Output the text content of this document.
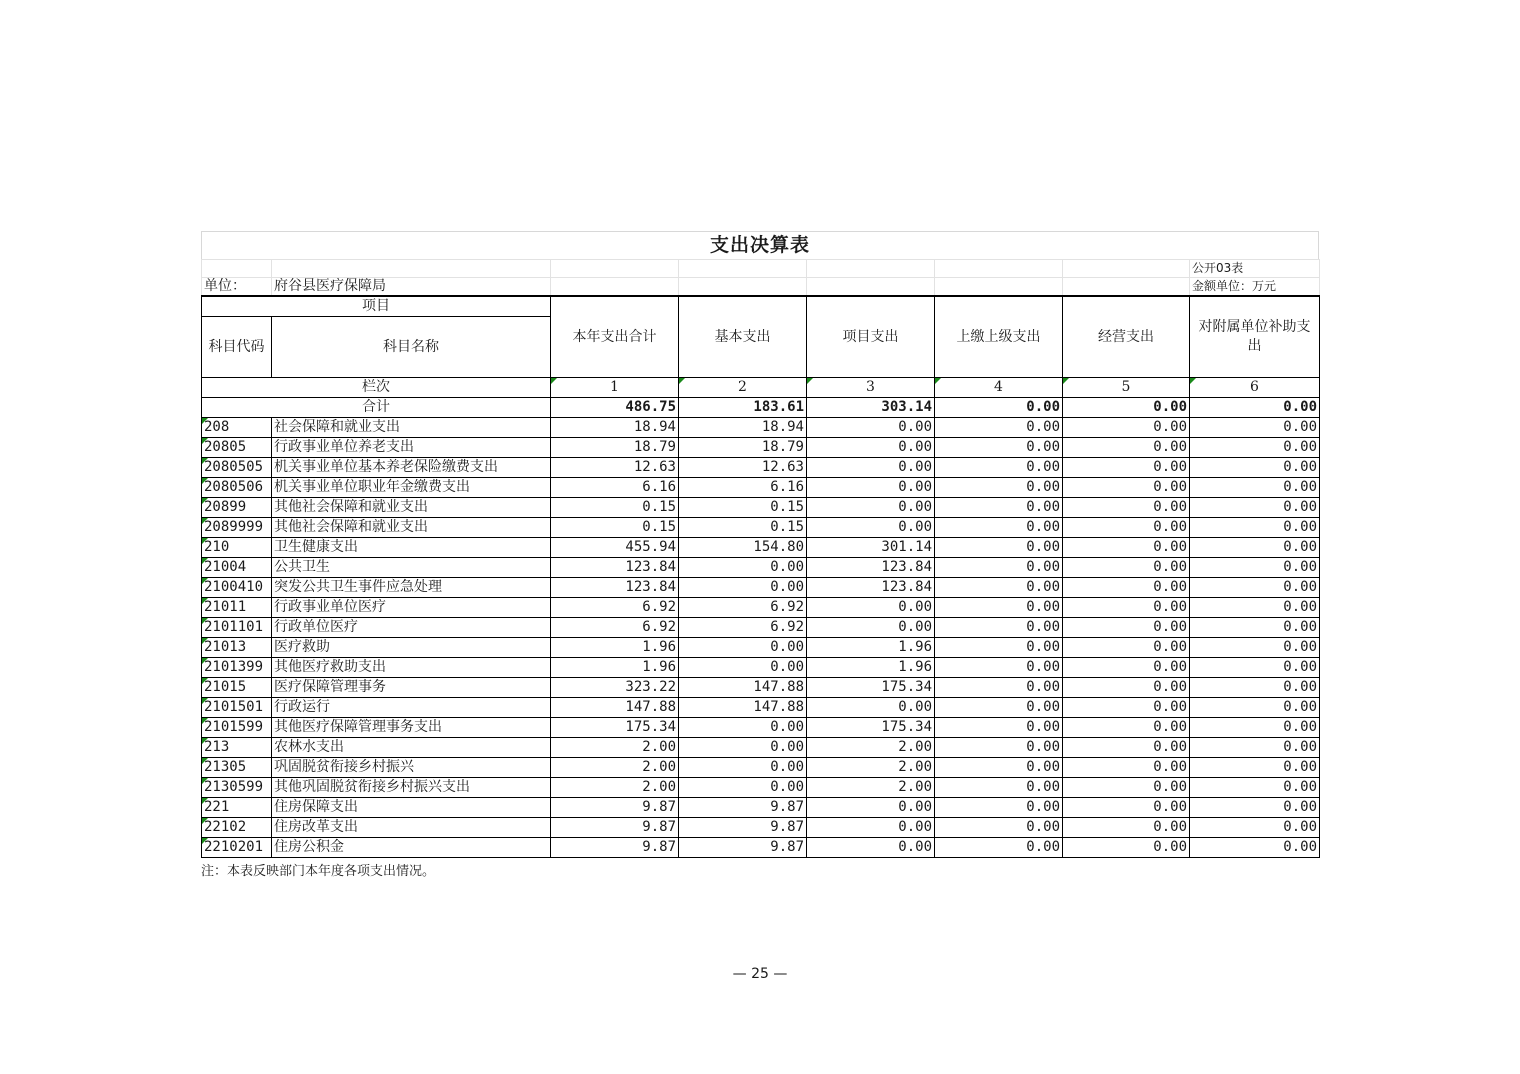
支出决算表
							公开03表
单位：	府谷县医疗保障局						金额单位：万元
项目		本年支出合计	基本支出	项目支出	上缴上级支出	经营支出	对附属单位补助支出
科目代码	科目名称						
栏次		1	2	3	4	5	6
合计		486.75	183.61	303.14	0.00	0.00	0.00
208	社会保障和就业支出	18.94	18.94	0.00	0.00	0.00	0.00
20805	行政事业单位养老支出	18.79	18.79	0.00	0.00	0.00	0.00
2080505	机关事业单位基本养老保险缴费支出	12.63	12.63	0.00	0.00	0.00	0.00
2080506	机关事业单位职业年金缴费支出	6.16	6.16	0.00	0.00	0.00	0.00
20899	其他社会保障和就业支出	0.15	0.15	0.00	0.00	0.00	0.00
2089999	其他社会保障和就业支出	0.15	0.15	0.00	0.00	0.00	0.00
210	卫生健康支出	455.94	154.80	301.14	0.00	0.00	0.00
21004	公共卫生	123.84	0.00	123.84	0.00	0.00	0.00
2100410	突发公共卫生事件应急处理	123.84	0.00	123.84	0.00	0.00	0.00
21011	行政事业单位医疗	6.92	6.92	0.00	0.00	0.00	0.00
2101101	行政单位医疗	6.92	6.92	0.00	0.00	0.00	0.00
21013	医疗救助	1.96	0.00	1.96	0.00	0.00	0.00
2101399	其他医疗救助支出	1.96	0.00	1.96	0.00	0.00	0.00
21015	医疗保障管理事务	323.22	147.88	175.34	0.00	0.00	0.00
2101501	行政运行	147.88	147.88	0.00	0.00	0.00	0.00
2101599	其他医疗保障管理事务支出	175.34	0.00	175.34	0.00	0.00	0.00
213	农林水支出	2.00	0.00	2.00	0.00	0.00	0.00
21305	巩固脱贫衔接乡村振兴	2.00	0.00	2.00	0.00	0.00	0.00
2130599	其他巩固脱贫衔接乡村振兴支出	2.00	0.00	2.00	0.00	0.00	0.00
221	住房保障支出	9.87	9.87	0.00	0.00	0.00	0.00
22102	住房改革支出	9.87	9.87	0.00	0.00	0.00	0.00
2210201	住房公积金	9.87	9.87	0.00	0.00	0.00	0.00
注：本表反映部门本年度各项支出情况。
— 25 —
